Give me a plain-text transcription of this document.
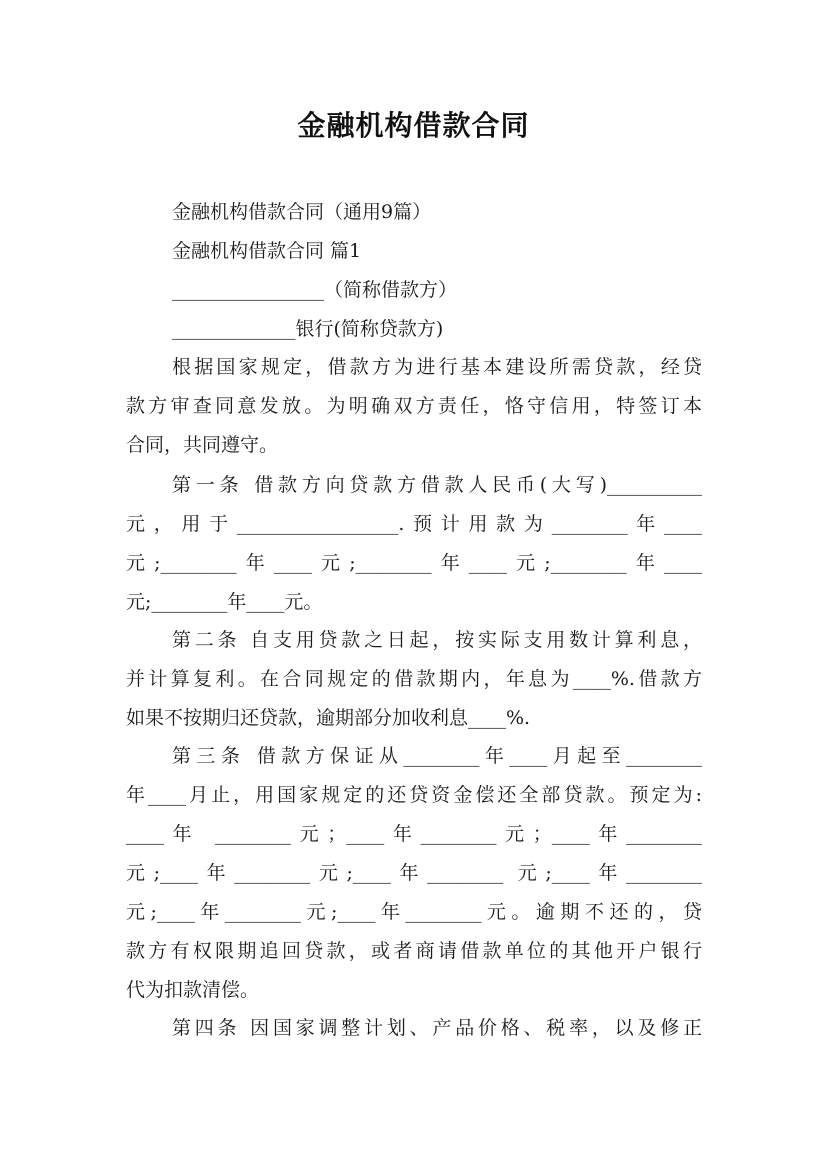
金融机构借款合同
金融机构借款合同（通用9篇）
金融机构借款合同 篇1
________________（简称借款方）
_____________银行(简称贷款方)
根据国家规定，借款方为进行基本建设所需贷款，经贷
款方审查同意发放。为明确双方责任，恪守信用，特签订本
合同，共同遵守。
第一条 借款方向贷款方借款人民币(大写)__________
元，用于_________________.预计用款为________年____
元;________年____元;________年____元;________年____
元;________年____元。
第二条 自支用贷款之日起，按实际支用数计算利息，
并计算复利。在合同规定的借款期内，年息为____%.借款方
如果不按期归还贷款，逾期部分加收利息____%.
第三条 借款方保证从________年____月起至________
年____月止，用国家规定的还贷资金偿还全部贷款。预定为:
____年 ________元；____年________元；____年________
元;____年________元;____年________ 元;____年________
元;____年________元;____年________元。逾期不还的，贷
款方有权限期追回贷款，或者商请借款单位的其他开户银行
代为扣款清偿。
第四条 因国家调整计划、产品价格、税率，以及修正
